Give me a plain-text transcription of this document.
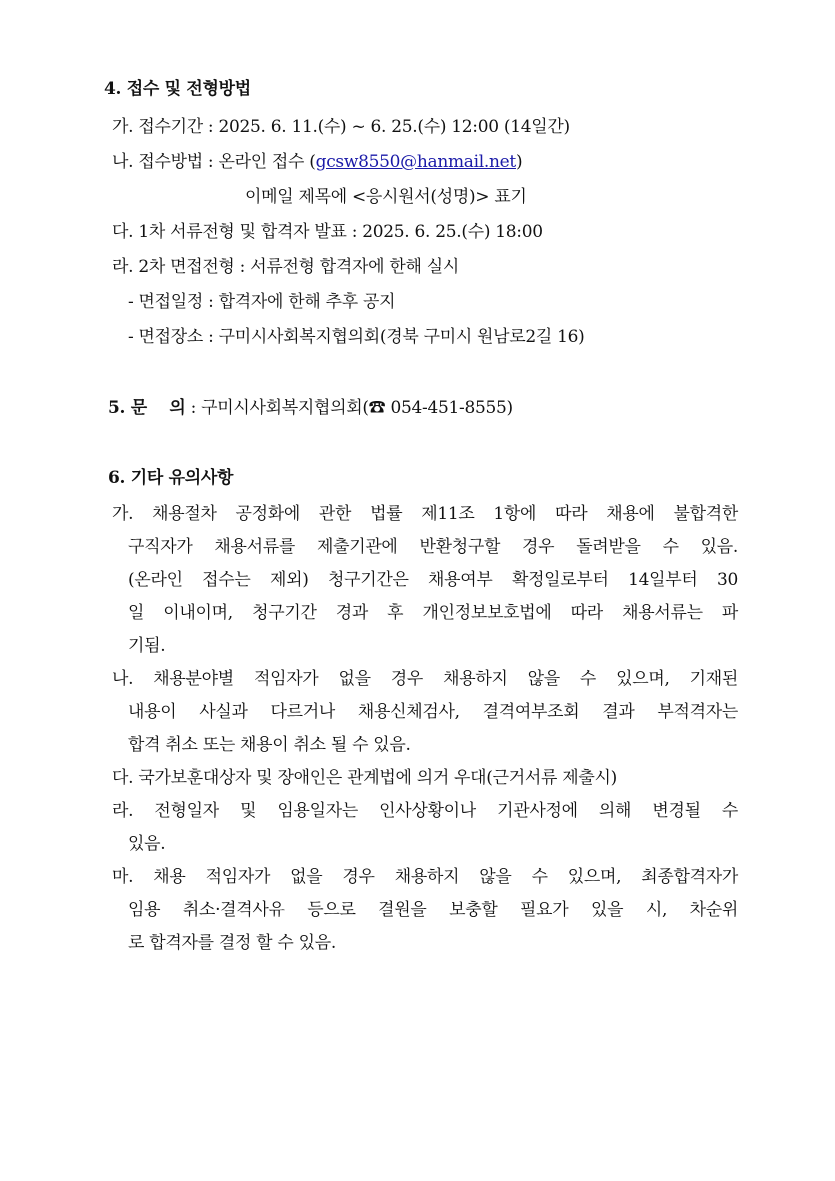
4. 접수 및 전형방법
가. 접수기간 : 2025. 6. 11.(수) ~ 6. 25.(수) 12:00 (14일간)
나. 접수방법 : 온라인 접수 (gcsw8550@hanmail.net)
이메일 제목에 <응시원서(성명)> 표기
다. 1차 서류전형 및 합격자 발표 : 2025. 6. 25.(수) 18:00
라. 2차 면접전형 : 서류전형 합격자에 한해 실시
- 면접일정 : 합격자에 한해 추후 공지
- 면접장소 : 구미시사회복지협의회(경북 구미시 원남로2길 16)
5. 문    의 : 구미시사회복지협의회(☎ 054-451-8555)
6. 기타 유의사항
가. 채용절차 공정화에 관한 법률 제11조 1항에 따라 채용에 불합격한
구직자가 채용서류를 제출기관에 반환청구할 경우 돌려받을 수 있음.
(온라인 접수는 제외) 청구기간은 채용여부 확정일로부터 14일부터 30
일 이내이며, 청구기간 경과 후 개인정보보호법에 따라 채용서류는 파
기됨.
나. 채용분야별 적임자가 없을 경우 채용하지 않을 수 있으며, 기재된
내용이 사실과 다르거나 채용신체검사, 결격여부조회 결과 부적격자는
합격 취소 또는 채용이 취소 될 수 있음.
다. 국가보훈대상자 및 장애인은 관계법에 의거 우대(근거서류 제출시)
라. 전형일자 및 임용일자는 인사상황이나 기관사정에 의해 변경될 수
있음.
마. 채용 적임자가 없을 경우 채용하지 않을 수 있으며, 최종합격자가
임용 취소·결격사유 등으로 결원을 보충할 필요가 있을 시, 차순위
로 합격자를 결정 할 수 있음.
